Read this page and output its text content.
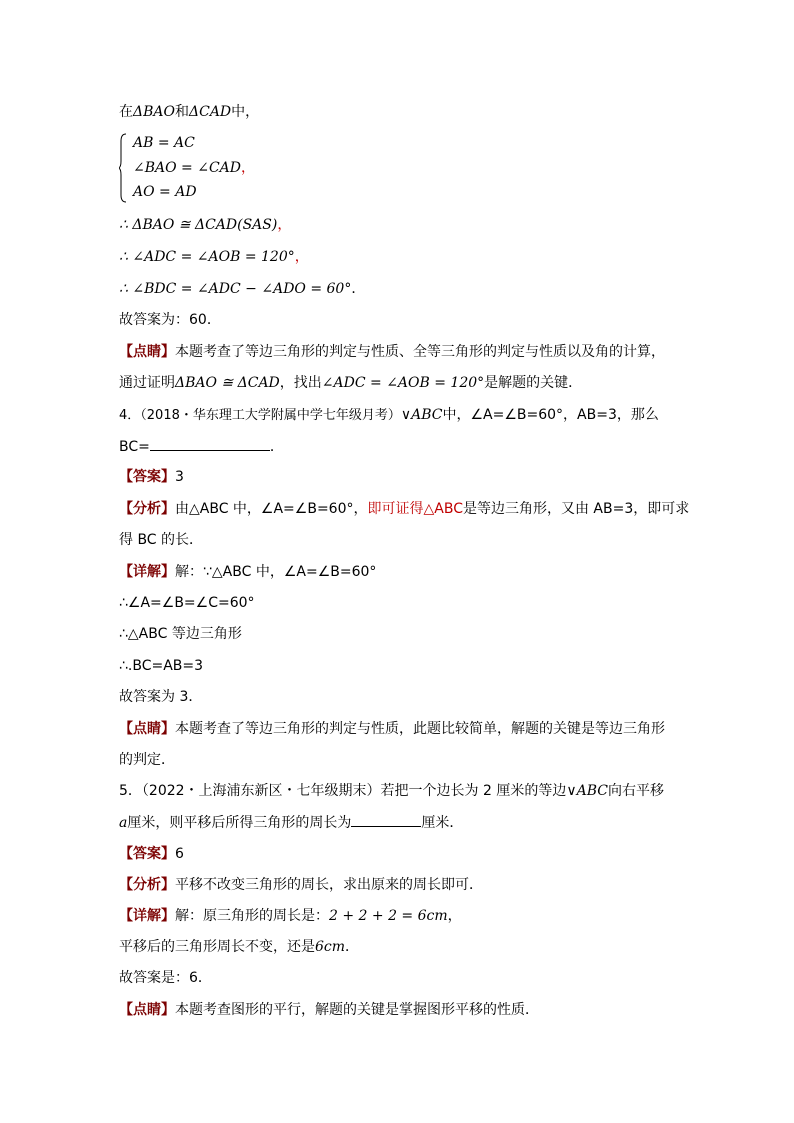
在ΔBAO和ΔCAD中，
AB = AC
∠BAO = ∠CAD，
AO = AD
∴ ΔBAO ≅ ΔCAD(SAS)，
∴ ∠ADC = ∠AOB = 120°，
∴ ∠BDC = ∠ADC − ∠ADO = 60°．
故答案为：60．
【点睛】本题考查了等边三角形的判定与性质、全等三角形的判定与性质以及角的计算，
通过证明ΔBAO ≅ ΔCAD，找出∠ADC = ∠AOB = 120°是解题的关键．
4．（2018・华东理工大学附属中学七年级月考）∨ABC中，∠A=∠B=60°，AB=3，那么
BC=	．
【答案】3
【分析】由△ABC 中，∠A=∠B=60°，即可证得△ABC是等边三角形，又由 AB=3，即可求
得 BC 的长．
【详解】解：∵△ABC 中，∠A=∠B=60°
∴∠A=∠B=∠C=60°
∴△ABC 等边三角形
∴.BC=AB=3
故答案为 3．
【点睛】本题考查了等边三角形的判定与性质，此题比较简单，解题的关键是等边三角形
的判定．
5．（2022・上海浦东新区・七年级期末）若把一个边长为 2 厘米的等边∨ABC向右平移
a厘米，则平移后所得三角形的周长为	厘米．
【答案】6
【分析】平移不改变三角形的周长，求出原来的周长即可．
【详解】解：原三角形的周长是：2 + 2 + 2 = 6cm，
平移后的三角形周长不变，还是6cm．
故答案是：6．
【点睛】本题考查图形的平行，解题的关键是掌握图形平移的性质．
